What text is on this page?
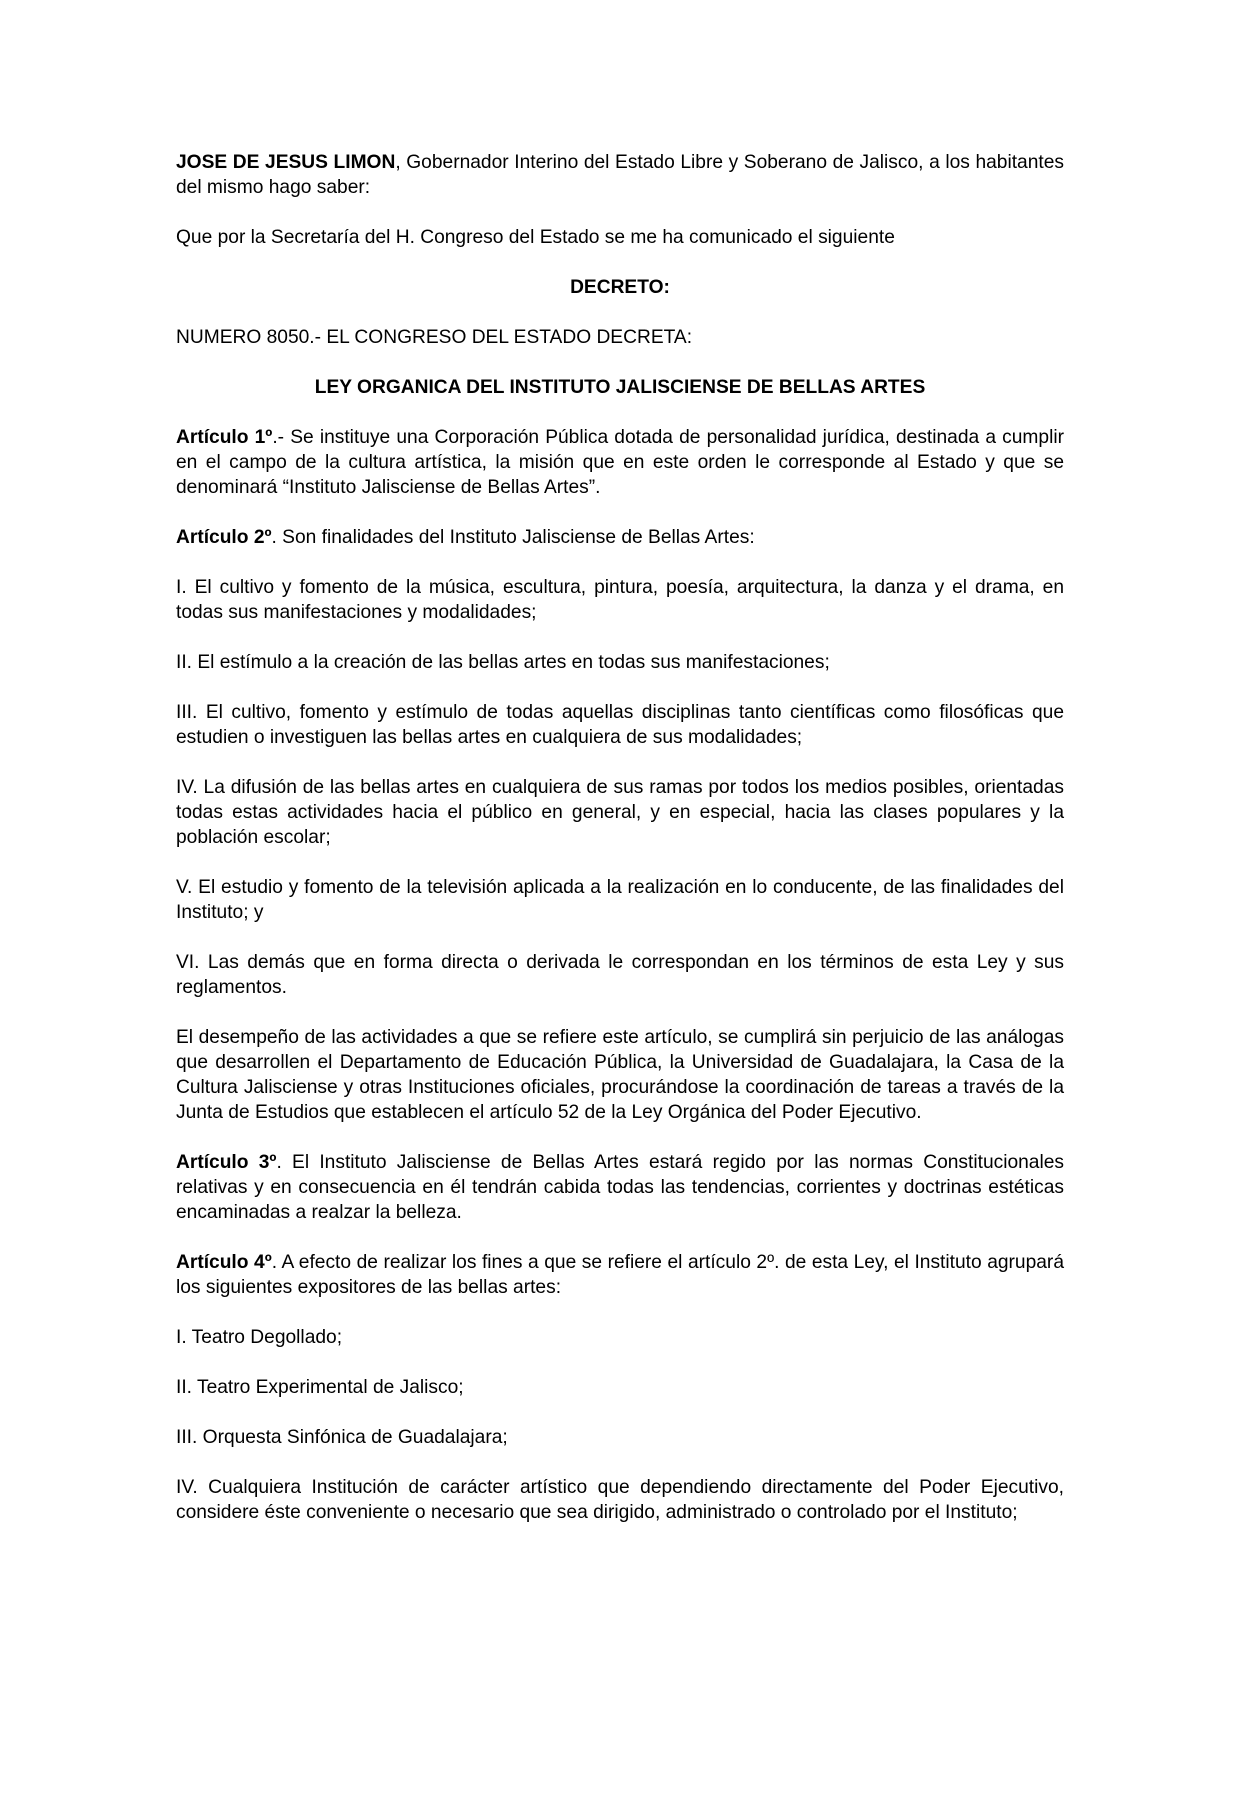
JOSE DE JESUS LIMON, Gobernador Interino del Estado Libre y Soberano de Jalisco, a los habitantes del mismo hago saber:

Que por la Secretaría del H. Congreso del Estado se me ha comunicado el siguiente

DECRETO:

NUMERO 8050.- EL CONGRESO DEL ESTADO DECRETA:

LEY ORGANICA DEL INSTITUTO JALISCIENSE DE BELLAS ARTES

Artículo 1º.- Se instituye una Corporación Pública dotada de personalidad jurídica, destinada a cumplir en el campo de la cultura artística, la misión que en este orden le corresponde al Estado y que se denominará “Instituto Jalisciense de Bellas Artes”.

Artículo 2º. Son finalidades del Instituto Jalisciense de Bellas Artes:

I. El cultivo y fomento de la música, escultura, pintura, poesía, arquitectura, la danza y el drama, en todas sus manifestaciones y modalidades;

II. El estímulo a la creación de las bellas artes en todas sus manifestaciones;

III. El cultivo, fomento y estímulo de todas aquellas disciplinas tanto científicas como filosóficas que estudien o investiguen las bellas artes en cualquiera de sus modalidades;

IV. La difusión de las bellas artes en cualquiera de sus ramas por todos los medios posibles, orientadas todas estas actividades hacia el público en general, y en especial, hacia las clases populares y la población escolar;

V. El estudio y fomento de la televisión aplicada a la realización en lo conducente, de las finalidades del Instituto; y

VI. Las demás que en forma directa o derivada le correspondan en los términos de esta Ley y sus reglamentos.

El desempeño de las actividades a que se refiere este artículo, se cumplirá sin perjuicio de las análogas que desarrollen el Departamento de Educación Pública, la Universidad de Guadalajara, la Casa de la Cultura Jalisciense y otras Instituciones oficiales, procurándose la coordinación de tareas a través de la Junta de Estudios que establecen el artículo 52 de la Ley Orgánica del Poder Ejecutivo.

Artículo 3º. El Instituto Jalisciense de Bellas Artes estará regido por las normas Constitucionales relativas y en consecuencia en él tendrán cabida todas las tendencias, corrientes y doctrinas estéticas encaminadas a realzar la belleza.

Artículo 4º. A efecto de realizar los fines a que se refiere el artículo 2º. de esta Ley, el Instituto agrupará los siguientes expositores de las bellas artes:

I. Teatro Degollado;

II. Teatro Experimental de Jalisco;

III. Orquesta Sinfónica de Guadalajara;

IV. Cualquiera Institución de carácter artístico que dependiendo directamente del Poder Ejecutivo, considere éste conveniente o necesario que sea dirigido, administrado o controlado por el Instituto;
